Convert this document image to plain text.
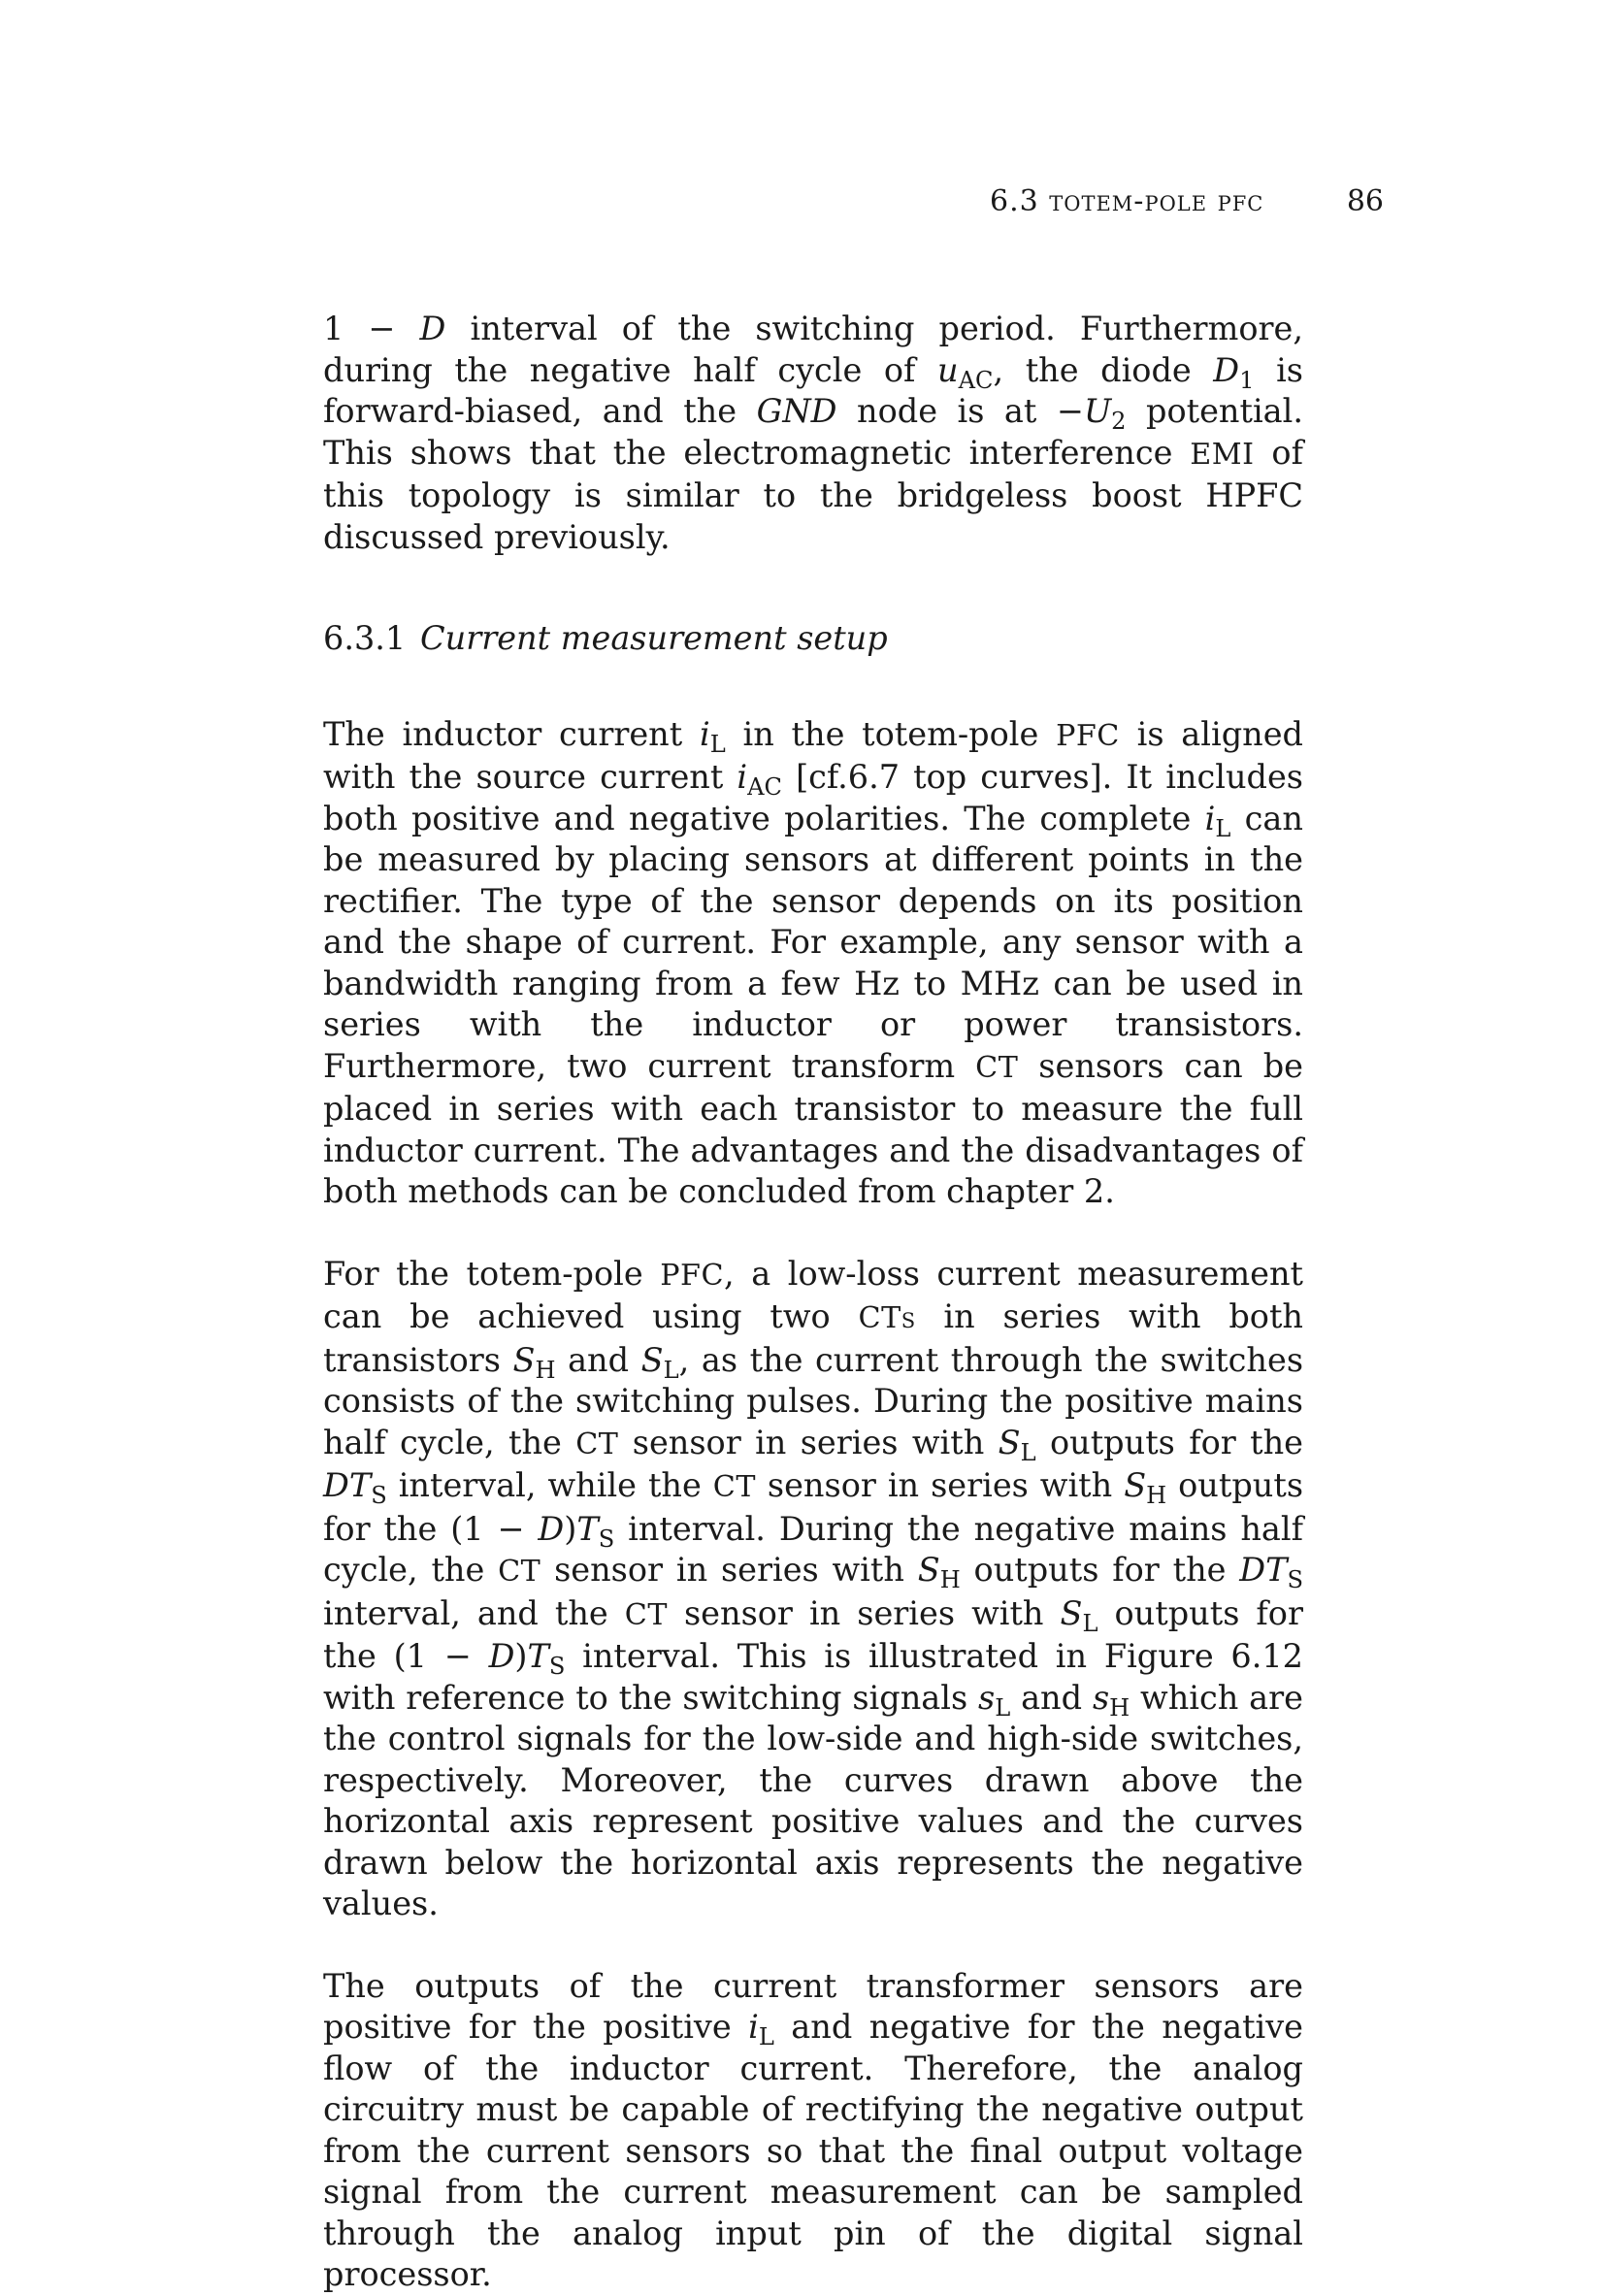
6.3 totem-pole pfc	86

1 − D interval of the switching period. Furthermore, during the negative half cycle of $u_{AC}$, the diode $D_1$ is forward-biased, and the GND node is at $-U_2$ potential. This shows that the electromagnetic interference EMI of this topology is similar to the bridgeless boost HPFC discussed previously.

6.3.1 Current measurement setup

The inductor current $i_L$ in the totem-pole PFC is aligned with the source current $i_{AC}$ [cf.6.7 top curves]. It includes both positive and negative polarities. The complete $i_L$ can be measured by placing sensors at different points in the rectifier. The type of the sensor depends on its position and the shape of current. For example, any sensor with a bandwidth ranging from a few Hz to MHz can be used in series with the inductor or power transistors. Furthermore, two current transform CT sensors can be placed in series with each transistor to measure the full inductor current. The advantages and the disadvantages of both methods can be concluded from chapter 2.

For the totem-pole PFC, a low-loss current measurement can be achieved using two CTs in series with both transistors $S_H$ and $S_L$, as the current through the switches consists of the switching pulses. During the positive mains half cycle, the CT sensor in series with $S_L$ outputs for the $DT_S$ interval, while the CT sensor in series with $S_H$ outputs for the $(1 - D)T_S$ interval. During the negative mains half cycle, the CT sensor in series with $S_H$ outputs for the $DT_S$ interval, and the CT sensor in series with $S_L$ outputs for the $(1 - D)T_S$ interval. This is illustrated in Figure 6.12 with reference to the switching signals $s_L$ and $s_H$ which are the control signals for the low-side and high-side switches, respectively. Moreover, the curves drawn above the horizontal axis represent positive values and the curves drawn below the horizontal axis represents the negative values.

The outputs of the current transformer sensors are positive for the positive $i_L$ and negative for the negative flow of the inductor current. Therefore, the analog circuitry must be capable of rectifying the negative output from the current sensors so that the final output voltage signal from the current measurement can be sampled through the analog input pin of the digital signal processor.
